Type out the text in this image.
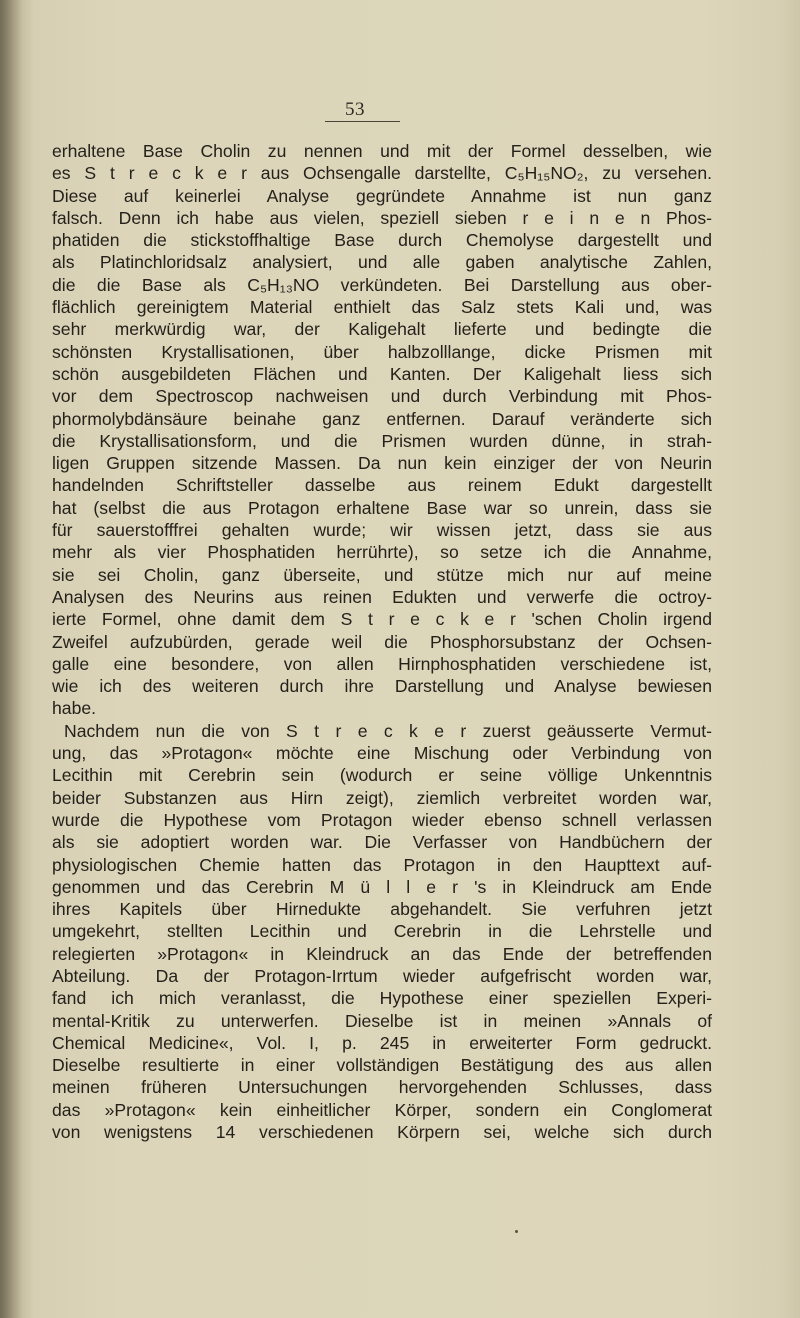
53
erhaltene Base Cholin zu nennen und mit der Formel desselben, wie
es S t r e c k e r aus Ochsengalle darstellte, C₅H₁₅NO₂, zu versehen.
Diese auf keinerlei Analyse gegründete Annahme ist nun ganz
falsch. Denn ich habe aus vielen, speziell sieben r e i n e n Phos-
phatiden die stickstoffhaltige Base durch Chemolyse dargestellt und
als Platinchloridsalz analysiert, und alle gaben analytische Zahlen,
die die Base als C₅H₁₃NO verkündeten. Bei Darstellung aus ober-
flächlich gereinigtem Material enthielt das Salz stets Kali und, was
sehr merkwürdig war, der Kaligehalt lieferte und bedingte die
schönsten Krystallisationen, über halbzolllange, dicke Prismen mit
schön ausgebildeten Flächen und Kanten. Der Kaligehalt liess sich
vor dem Spectroscop nachweisen und durch Verbindung mit Phos-
phormolybdänsäure beinahe ganz entfernen. Darauf veränderte sich
die Krystallisationsform, und die Prismen wurden dünne, in strah-
ligen Gruppen sitzende Massen. Da nun kein einziger der von Neurin
handelnden Schriftsteller dasselbe aus reinem Edukt dargestellt
hat (selbst die aus Protagon erhaltene Base war so unrein, dass sie
für sauerstofffrei gehalten wurde; wir wissen jetzt, dass sie aus
mehr als vier Phosphatiden herrührte), so setze ich die Annahme,
sie sei Cholin, ganz überseite, und stütze mich nur auf meine
Analysen des Neurins aus reinen Edukten und verwerfe die octroy-
ierte Formel, ohne damit dem S t r e c k e r 'schen Cholin irgend
Zweifel aufzubürden, gerade weil die Phosphorsubstanz der Ochsen-
galle eine besondere, von allen Hirnphosphatiden verschiedene ist,
wie ich des weiteren durch ihre Darstellung und Analyse bewiesen
habe.
Nachdem nun die von S t r e c k e r zuerst geäusserte Vermut-
ung, das »Protagon« möchte eine Mischung oder Verbindung von
Lecithin mit Cerebrin sein (wodurch er seine völlige Unkenntnis
beider Substanzen aus Hirn zeigt), ziemlich verbreitet worden war,
wurde die Hypothese vom Protagon wieder ebenso schnell verlassen
als sie adoptiert worden war. Die Verfasser von Handbüchern der
physiologischen Chemie hatten das Protagon in den Haupttext auf-
genommen und das Cerebrin M ü l l e r 's in Kleindruck am Ende
ihres Kapitels über Hirnedukte abgehandelt. Sie verfuhren jetzt
umgekehrt, stellten Lecithin und Cerebrin in die Lehrstelle und
relegierten »Protagon« in Kleindruck an das Ende der betreffenden
Abteilung. Da der Protagon-Irrtum wieder aufgefrischt worden war,
fand ich mich veranlasst, die Hypothese einer speziellen Experi-
mental-Kritik zu unterwerfen. Dieselbe ist in meinen »Annals of
Chemical Medicine«, Vol. I, p. 245 in erweiterter Form gedruckt.
Dieselbe resultierte in einer vollständigen Bestätigung des aus allen
meinen früheren Untersuchungen hervorgehenden Schlusses, dass
das »Protagon« kein einheitlicher Körper, sondern ein Conglomerat
von wenigstens 14 verschiedenen Körpern sei, welche sich durch
